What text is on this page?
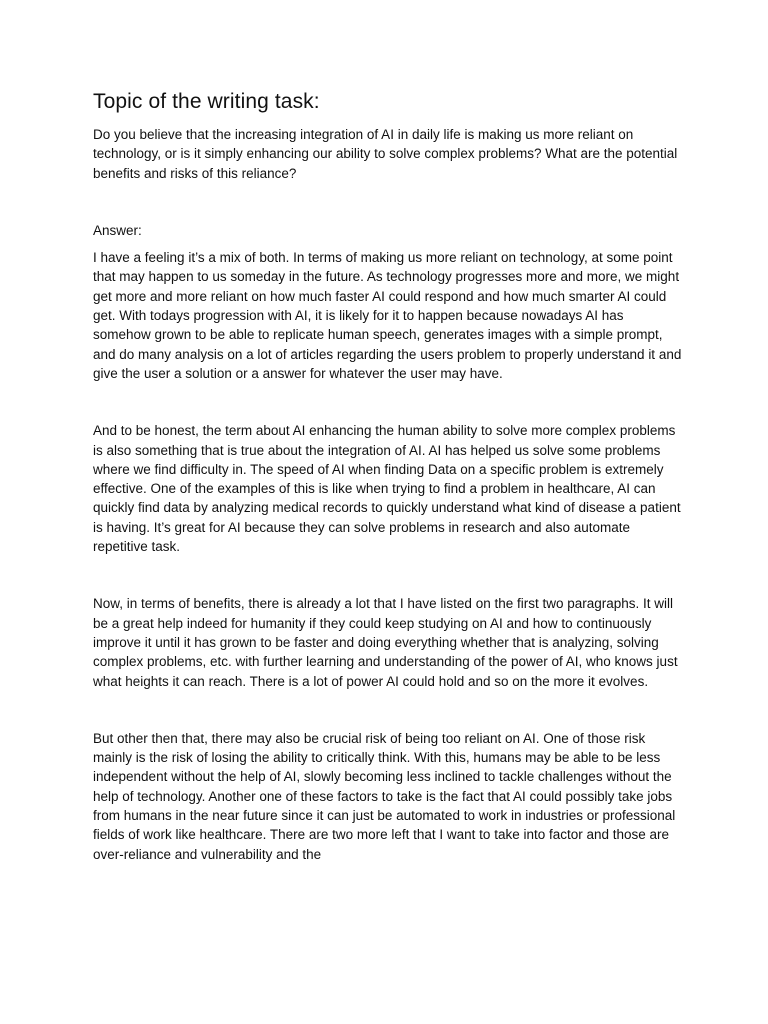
Topic of the writing task:

Do you believe that the increasing integration of AI in daily life is making us more reliant on technology, or is it simply enhancing our ability to solve complex problems? What are the potential benefits and risks of this reliance?

Answer:

I have a feeling it’s a mix of both. In terms of making us more reliant on technology, at some point that may happen to us someday in the future. As technology progresses more and more, we might get more and more reliant on how much faster AI could respond and how much smarter AI could get. With todays progression with AI, it is likely for it to happen because nowadays AI has somehow grown to be able to replicate human speech, generates images with a simple prompt, and do many analysis on a lot of articles regarding the users problem to properly understand it and give the user a solution or a answer for whatever the user may have.

And to be honest, the term about AI enhancing the human ability to solve more complex problems is also something that is true about the integration of AI. AI has helped us solve some problems where we find difficulty in. The speed of AI when finding Data on a specific problem is extremely effective. One of the examples of this is like when trying to find a problem in healthcare, AI can quickly find data by analyzing medical records to quickly understand what kind of disease a patient is having. It’s great for AI because they can solve problems in research and also automate repetitive task.

Now, in terms of benefits, there is already a lot that I have listed on the first two paragraphs. It will be a great help indeed for humanity if they could keep studying on AI and how to continuously improve it until it has grown to be faster and doing everything whether that is analyzing, solving complex problems, etc. with further learning and understanding of the power of AI, who knows just what heights it can reach. There is a lot of power AI could hold and so on the more it evolves.

But other then that, there may also be crucial risk of being too reliant on AI. One of those risk mainly is the risk of losing the ability to critically think. With this, humans may be able to be less independent without the help of AI, slowly becoming less inclined to tackle challenges without the help of technology. Another one of these factors to take is the fact that AI could possibly take jobs from humans in the near future since it can just be automated to work in industries or professional fields of work like healthcare. There are two more left that I want to take into factor and those are over-reliance and vulnerability and the
